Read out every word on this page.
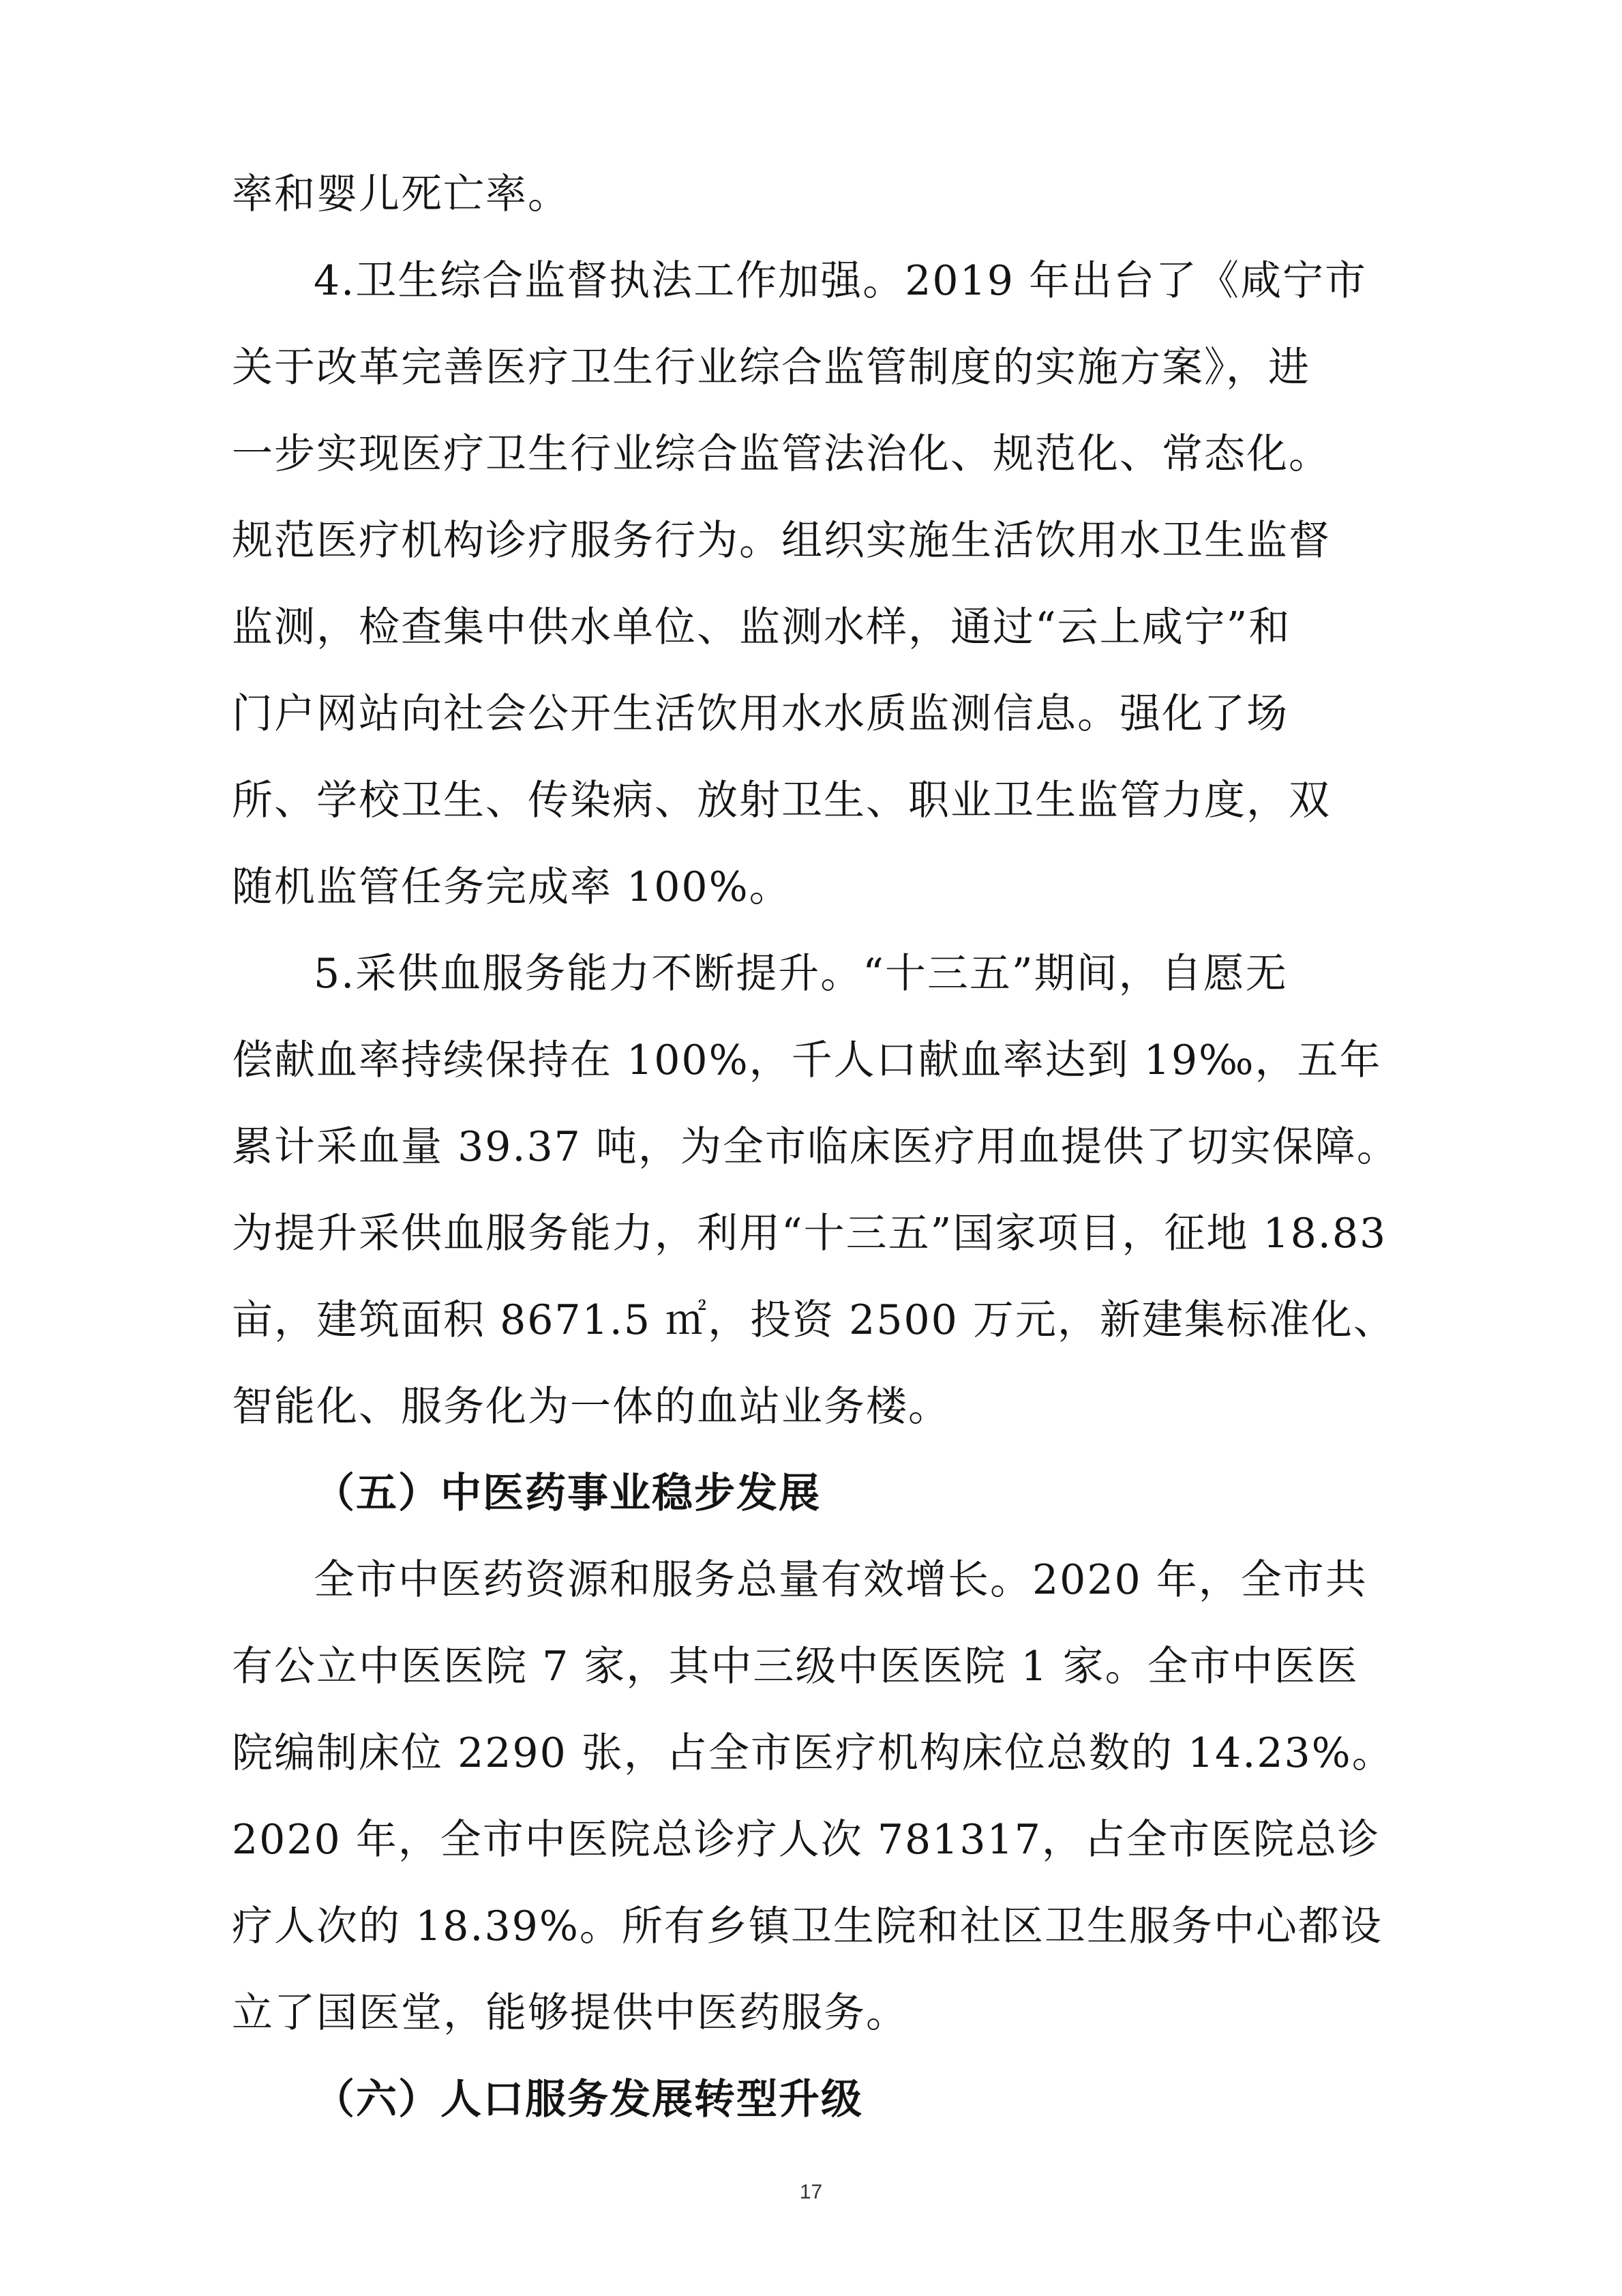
率和婴儿死亡率。
4.卫生综合监督执法工作加强。2019 年出台了《咸宁市
关于改革完善医疗卫生行业综合监管制度的实施方案》，进
一步实现医疗卫生行业综合监管法治化、规范化、常态化。
规范医疗机构诊疗服务行为。组织实施生活饮用水卫生监督
监测，检查集中供水单位、监测水样，通过“云上咸宁”和
门户网站向社会公开生活饮用水水质监测信息。强化了场
所、学校卫生、传染病、放射卫生、职业卫生监管力度，双
随机监管任务完成率 100%。
5.采供血服务能力不断提升。“十三五”期间，自愿无
偿献血率持续保持在 100%，千人口献血率达到 19‰，五年
累计采血量 39.37 吨，为全市临床医疗用血提供了切实保障。
为提升采供血服务能力，利用“十三五”国家项目，征地 18.83
亩，建筑面积 8671.5 ㎡，投资 2500 万元，新建集标准化、
智能化、服务化为一体的血站业务楼。
（五）中医药事业稳步发展
全市中医药资源和服务总量有效增长。2020 年，全市共
有公立中医医院 7 家，其中三级中医医院 1 家。全市中医医
院编制床位 2290 张，占全市医疗机构床位总数的 14.23%。
2020 年，全市中医院总诊疗人次 781317，占全市医院总诊
疗人次的 18.39%。所有乡镇卫生院和社区卫生服务中心都设
立了国医堂，能够提供中医药服务。
（六）人口服务发展转型升级
17
